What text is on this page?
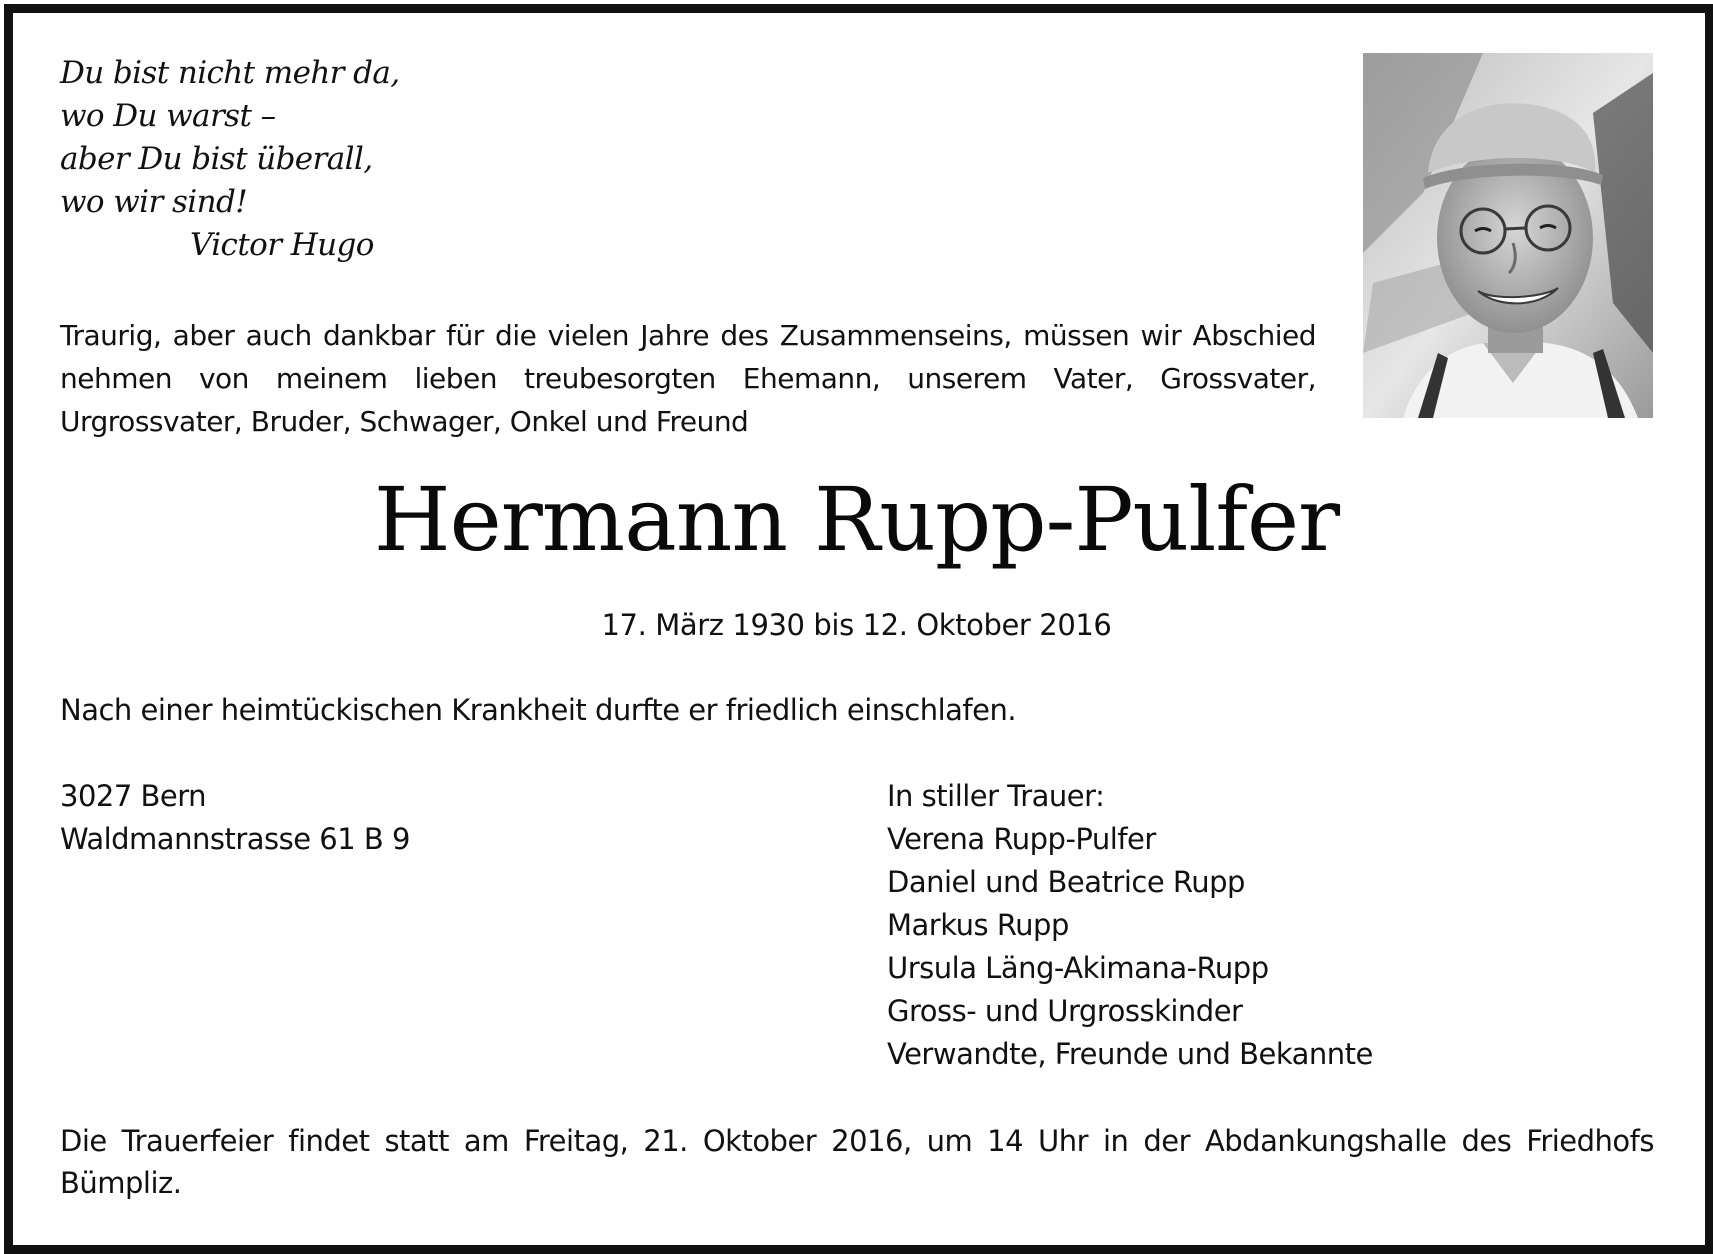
Du bist nicht mehr da,
wo Du warst –
aber Du bist überall,
wo wir sind!
Victor Hugo
Traurig, aber auch dankbar für die vielen Jahre des Zusammenseins, müssen wir Abschied nehmen von meinem lieben treubesorgten Ehemann, unserem Vater, Grossvater, Urgrossvater, Bruder, Schwager, Onkel und Freund
Hermann Rupp-Pulfer
17. März 1930 bis 12. Oktober 2016
Nach einer heimtückischen Krankheit durfte er friedlich einschlafen.
3027 Bern
Waldmannstrasse 61 B 9
In stiller Trauer:
Verena Rupp-Pulfer
Daniel und Beatrice Rupp
Markus Rupp
Ursula Läng-Akimana-Rupp
Gross- und Urgrosskinder
Verwandte, Freunde und Bekannte
Die Trauerfeier findet statt am Freitag, 21. Oktober 2016, um 14 Uhr in der Abdankungshalle des Friedhofs Bümpliz.
